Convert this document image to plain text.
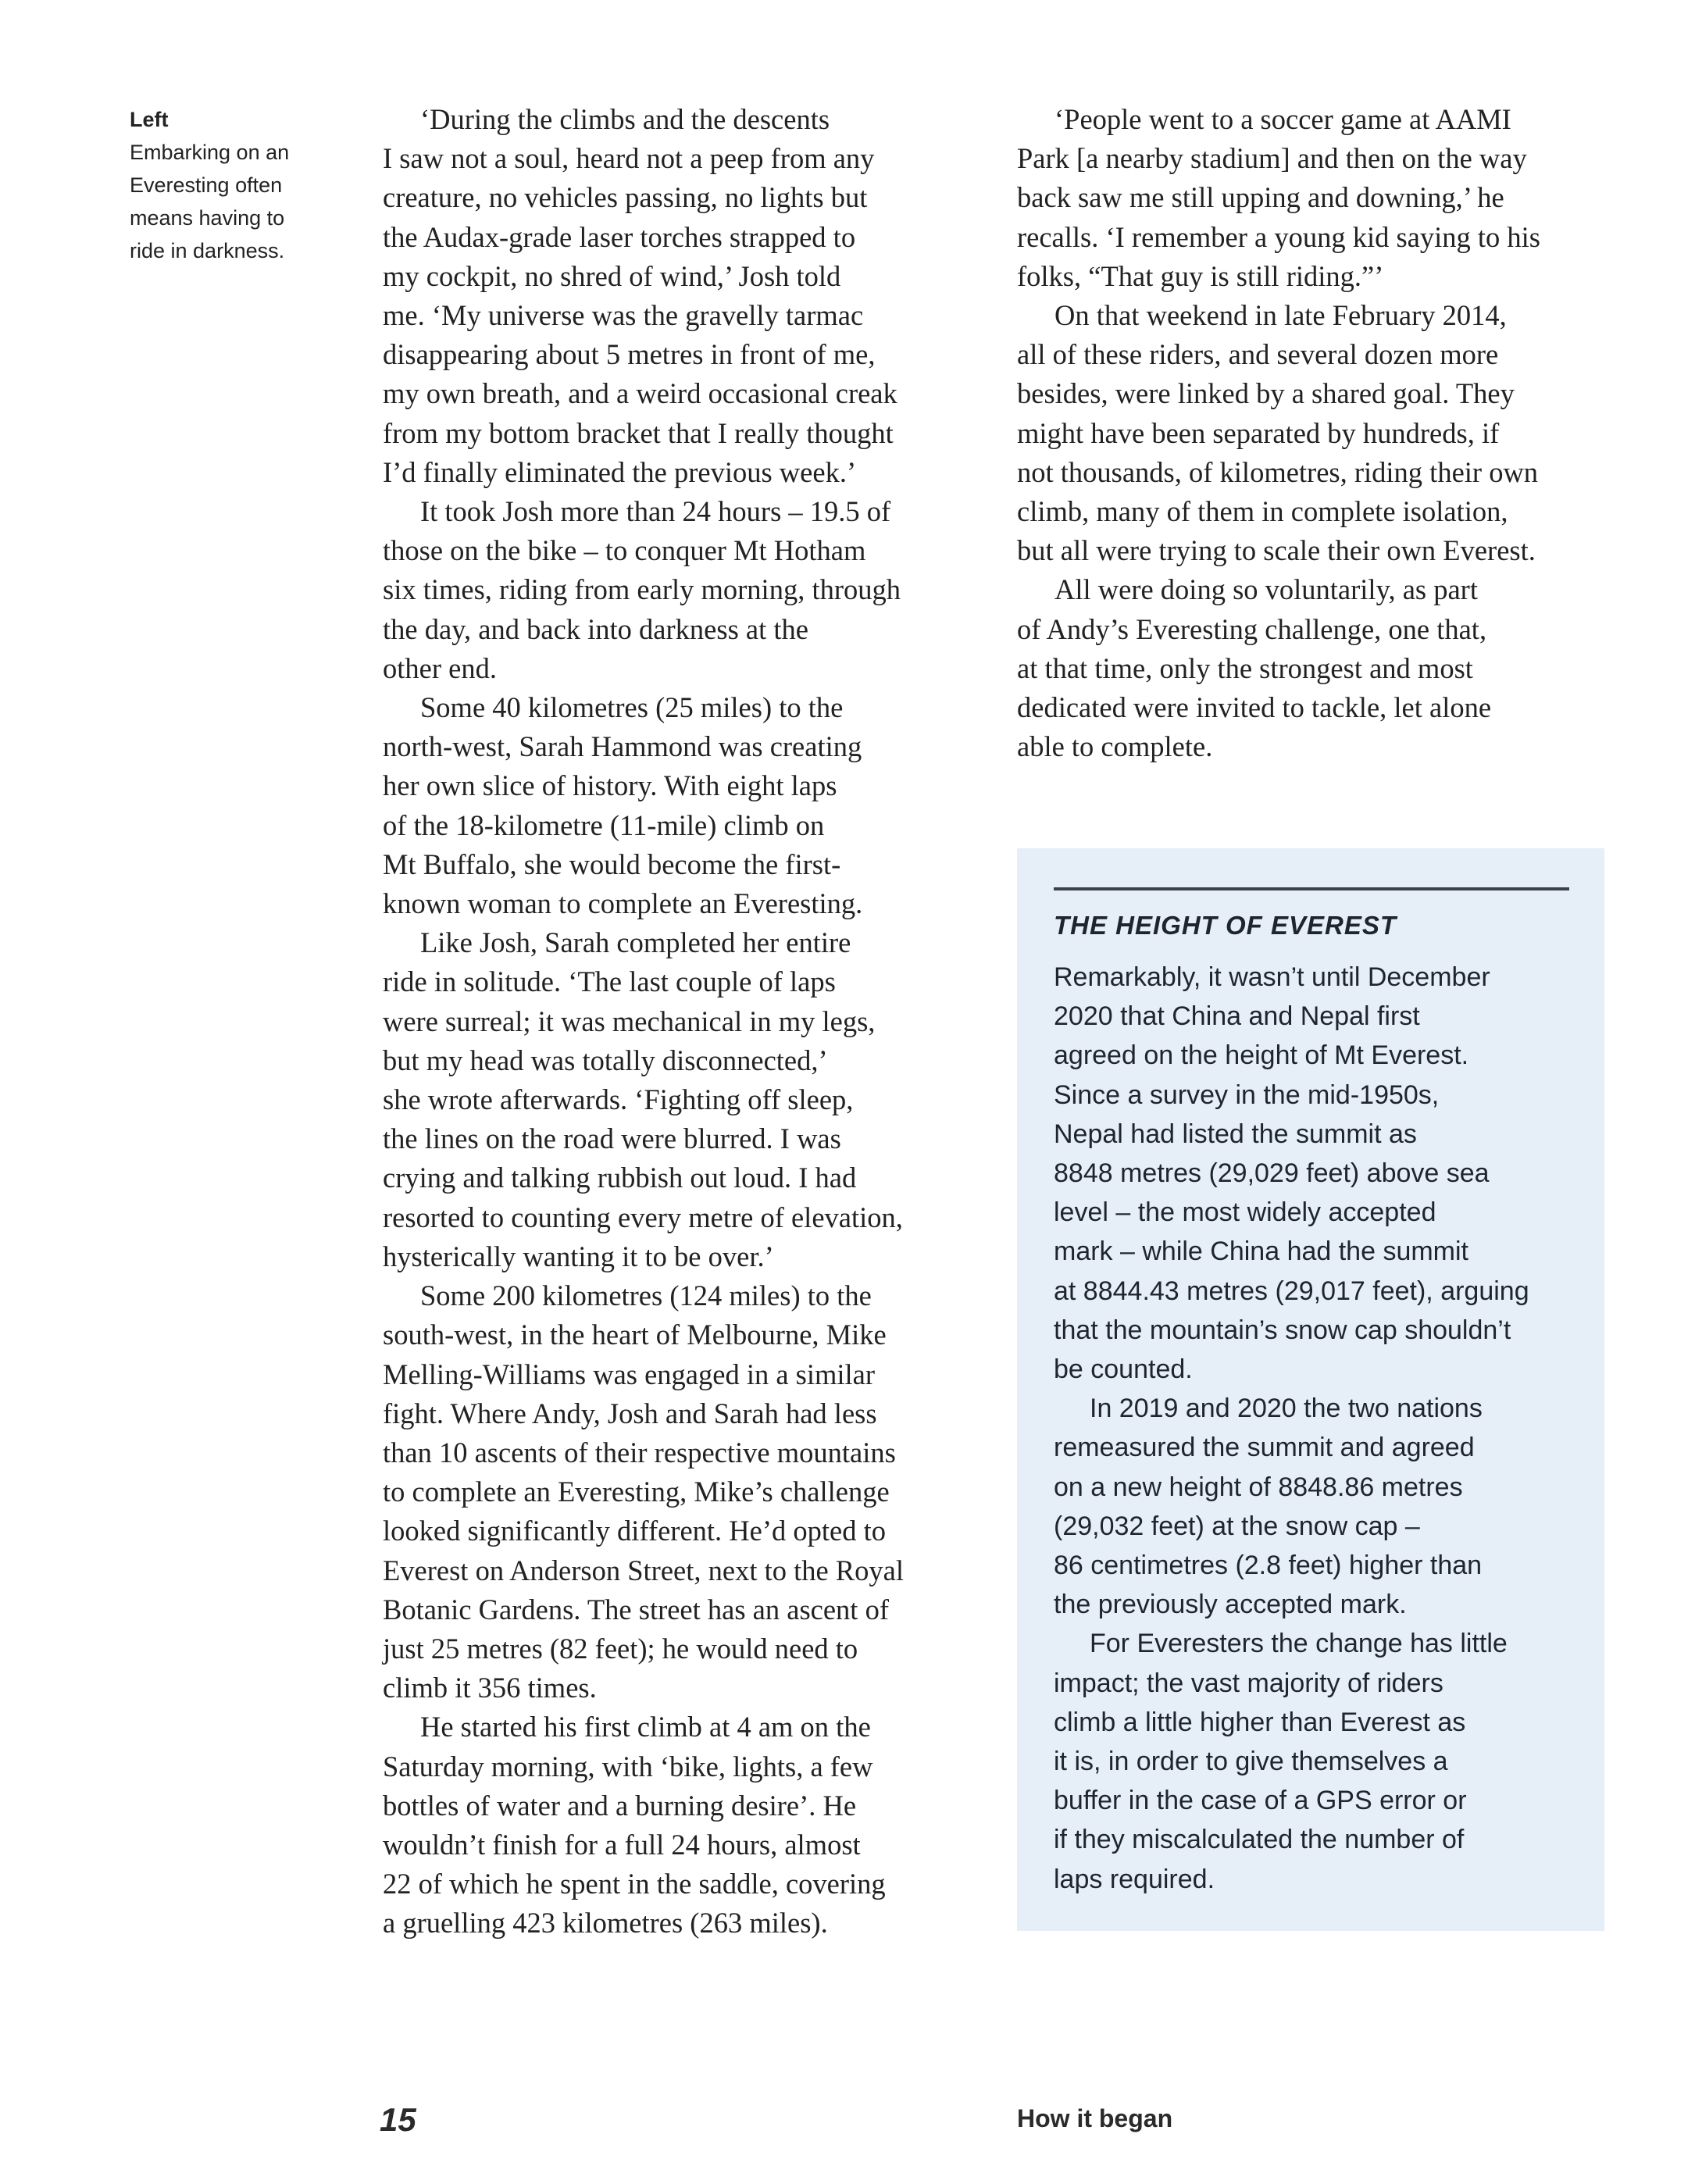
Left
Embarking on an Everesting often means having to ride in darkness.

‘During the climbs and the descents
I saw not a soul, heard not a peep from any
creature, no vehicles passing, no lights but
the Audax-grade laser torches strapped to
my cockpit, no shred of wind,’ Josh told
me. ‘My universe was the gravelly tarmac
disappearing about 5 metres in front of me,
my own breath, and a weird occasional creak
from my bottom bracket that I really thought
I’d finally eliminated the previous week.’

It took Josh more than 24 hours – 19.5 of
those on the bike – to conquer Mt Hotham
six times, riding from early morning, through
the day, and back into darkness at the
other end.

Some 40 kilometres (25 miles) to the
north-west, Sarah Hammond was creating
her own slice of history. With eight laps
of the 18-kilometre (11-mile) climb on
Mt Buffalo, she would become the first-
known woman to complete an Everesting.

Like Josh, Sarah completed her entire
ride in solitude. ‘The last couple of laps
were surreal; it was mechanical in my legs,
but my head was totally disconnected,’
she wrote afterwards. ‘Fighting off sleep,
the lines on the road were blurred. I was
crying and talking rubbish out loud. I had
resorted to counting every metre of elevation,
hysterically wanting it to be over.’

Some 200 kilometres (124 miles) to the
south-west, in the heart of Melbourne, Mike
Melling-Williams was engaged in a similar
fight. Where Andy, Josh and Sarah had less
than 10 ascents of their respective mountains
to complete an Everesting, Mike’s challenge
looked significantly different. He’d opted to
Everest on Anderson Street, next to the Royal
Botanic Gardens. The street has an ascent of
just 25 metres (82 feet); he would need to
climb it 356 times.

He started his first climb at 4 am on the
Saturday morning, with ‘bike, lights, a few
bottles of water and a burning desire’. He
wouldn’t finish for a full 24 hours, almost
22 of which he spent in the saddle, covering
a gruelling 423 kilometres (263 miles).

‘People went to a soccer game at AAMI
Park [a nearby stadium] and then on the way
back saw me still upping and downing,’ he
recalls. ‘I remember a young kid saying to his
folks, “That guy is still riding.”’

On that weekend in late February 2014,
all of these riders, and several dozen more
besides, were linked by a shared goal. They
might have been separated by hundreds, if
not thousands, of kilometres, riding their own
climb, many of them in complete isolation,
but all were trying to scale their own Everest.

All were doing so voluntarily, as part
of Andy’s Everesting challenge, one that,
at that time, only the strongest and most
dedicated were invited to tackle, let alone
able to complete.

THE HEIGHT OF EVEREST

Remarkably, it wasn’t until December
2020 that China and Nepal first
agreed on the height of Mt Everest.
Since a survey in the mid-1950s,
Nepal had listed the summit as
8848 metres (29,029 feet) above sea
level – the most widely accepted
mark – while China had the summit
at 8844.43 metres (29,017 feet), arguing
that the mountain’s snow cap shouldn’t
be counted.

In 2019 and 2020 the two nations
remeasured the summit and agreed
on a new height of 8848.86 metres
(29,032 feet) at the snow cap –
86 centimetres (2.8 feet) higher than
the previously accepted mark.

For Everesters the change has little
impact; the vast majority of riders
climb a little higher than Everest as
it is, in order to give themselves a
buffer in the case of a GPS error or
if they miscalculated the number of
laps required.

15	How it began
